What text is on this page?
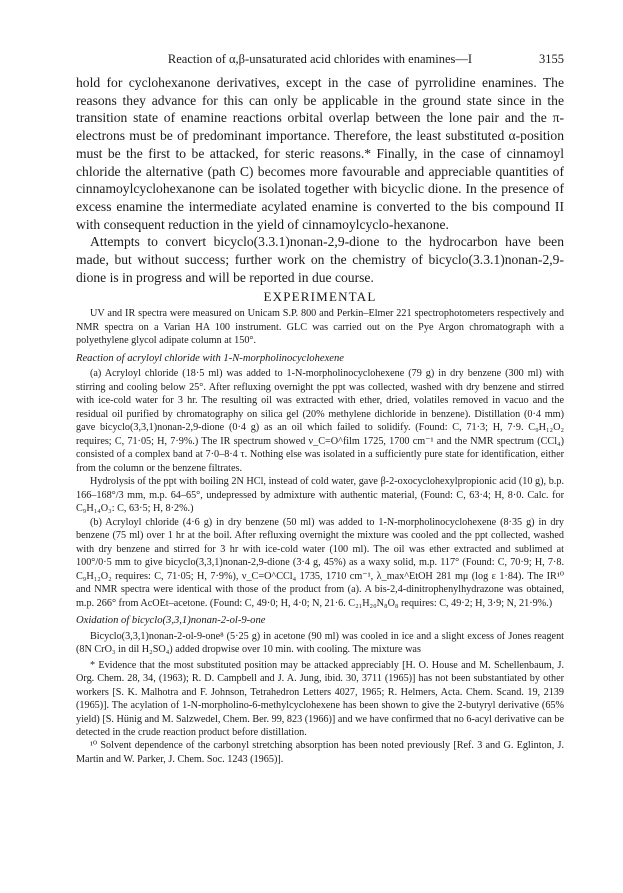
Reaction of α,β-unsaturated acid chlorides with enamines—I	3155

hold for cyclohexanone derivatives, except in the case of pyrrolidine enamines. The reasons they advance for this can only be applicable in the ground state since in the transition state of enamine reactions orbital overlap between the lone pair and the π-electrons must be of predominant importance. Therefore, the least substituted α-position must be the first to be attacked, for steric reasons.* Finally, in the case of cinnamoyl chloride the alternative (path C) becomes more favourable and appreciable quantities of cinnamoylcyclohexanone can be isolated together with bicyclic dione. In the presence of excess enamine the intermediate acylated enamine is converted to the bis compound II with consequent reduction in the yield of cinnamoylcyclo-hexanone.

Attempts to convert bicyclo(3.3.1)nonan-2,9-dione to the hydrocarbon have been made, but without success; further work on the chemistry of bicyclo(3.3.1)nonan-2,9-dione is in progress and will be reported in due course.

EXPERIMENTAL

UV and IR spectra were measured on Unicam S.P. 800 and Perkin–Elmer 221 spectrophotometers respectively and NMR spectra on a Varian HA 100 instrument. GLC was carried out on the Pye Argon chromatograph with a polyethylene glycol adipate column at 150°.

Reaction of acryloyl chloride with 1-N-morpholinocyclohexene

(a) Acryloyl chloride (18·5 ml) was added to 1-N-morpholinocyclohexene (79 g) in dry benzene (300 ml) with stirring and cooling below 25°. After refluxing overnight the ppt was collected, washed with dry benzene and stirred with ice-cold water for 3 hr. The resulting oil was extracted with ether, dried, volatiles removed in vacuo and the residual oil purified by chromatography on silica gel (20% methylene dichloride in benzene). Distillation (0·4 mm) gave bicyclo(3,3,1)nonan-2,9-dione (0·4 g) as an oil which failed to solidify. (Found: C, 71·3; H, 7·9. C₉H₁₂O₂ requires; C, 71·05; H, 7·9%.) The IR spectrum showed ν_C=O^film 1725, 1700 cm⁻¹ and the NMR spectrum (CCl₄) consisted of a complex band at 7·0–8·4 τ. Nothing else was isolated in a sufficiently pure state for identification, either from the column or the benzene filtrates.

Hydrolysis of the ppt with boiling 2N HCl, instead of cold water, gave β-2-oxocyclohexylpropionic acid (10 g), b.p. 166–168°/3 mm, m.p. 64–65°, undepressed by admixture with authentic material, (Found: C, 63·4; H, 8·0. Calc. for C₉H₁₄O₃: C, 63·5; H, 8·2%.)

(b) Acryloyl chloride (4·6 g) in dry benzene (50 ml) was added to 1-N-morpholinocyclohexene (8·35 g) in dry benzene (75 ml) over 1 hr at the boil. After refluxing overnight the mixture was cooled and the ppt collected, washed with dry benzene and stirred for 3 hr with ice-cold water (100 ml). The oil was ether extracted and sublimed at 100°/0·5 mm to give bicyclo(3,3,1)nonan-2,9-dione (3·4 g, 45%) as a waxy solid, m.p. 117° (Found: C, 70·9; H, 7·8. C₉H₁₂O₂ requires: C, 71·05; H, 7·9%), ν_C=O^CCl₄ 1735, 1710 cm⁻¹, λ_max^EtOH 281 mμ (log ε 1·84). The IR¹⁰ and NMR spectra were identical with those of the product from (a). A bis-2,4-dinitrophenylhydrazone was obtained, m.p. 266° from AcOEt–acetone. (Found: C, 49·0; H, 4·0; N, 21·6. C₂₁H₂₀N₈O₈ requires: C, 49·2; H, 3·9; N, 21·9%.)

Oxidation of bicyclo(3,3,1)nonan-2-ol-9-one

Bicyclo(3,3,1)nonan-2-ol-9-one⁸ (5·25 g) in acetone (90 ml) was cooled in ice and a slight excess of Jones reagent (8N CrO₃ in dil H₂SO₄) added dropwise over 10 min. with cooling. The mixture was

* Evidence that the most substituted position may be attacked appreciably [H. O. House and M. Schellenbaum, J. Org. Chem. 28, 34, (1963); R. D. Campbell and J. A. Jung, ibid. 30, 3711 (1965)] has not been substantiated by other workers [S. K. Malhotra and F. Johnson, Tetrahedron Letters 4027, 1965; R. Helmers, Acta. Chem. Scand. 19, 2139 (1965)]. The acylation of 1-N-morpholino-6-methylcyclohexene has been shown to give the 2-butyryl derivative (65% yield) [S. Hünig and M. Salzwedel, Chem. Ber. 99, 823 (1966)] and we have confirmed that no 6-acyl derivative can be detected in the crude reaction product before distillation.

¹⁰ Solvent dependence of the carbonyl stretching absorption has been noted previously [Ref. 3 and G. Eglinton, J. Martin and W. Parker, J. Chem. Soc. 1243 (1965)].
